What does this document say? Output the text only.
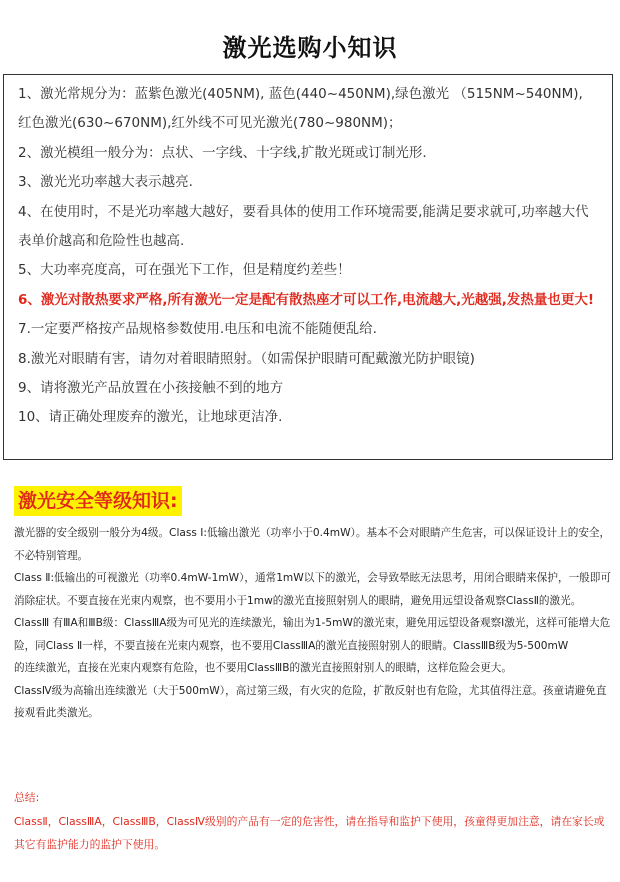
激光选购小知识
1、激光常规分为：蓝紫色激光(405NM), 蓝色(440~450NM),绿色激光 （515NM~540NM), 红色激光(630~670NM),红外线不可见光激光(780~980NM)；
2、激光模组一般分为：点状、一字线、十字线,扩散光斑或订制光形.
3、激光光功率越大表示越亮.
4、在使用时，不是光功率越大越好，要看具体的使用工作环境需要,能满足要求就可,功率越大代表单价越高和危险性也越高.
5、大功率亮度高，可在强光下工作，但是精度约差些！
6、激光对散热要求严格,所有激光一定是配有散热座才可以工作,电流越大,光越强,发热量也更大!
7.一定要严格按产品规格参数使用.电压和电流不能随便乱给.
8.激光对眼睛有害，请勿对着眼睛照射。（如需保护眼睛可配戴激光防护眼镜)
9、请将激光产品放置在小孩接触不到的地方
10、请正确处理废弃的激光，让地球更洁净.
激光安全等级知识:
激光器的安全级别一般分为4级。Class Ⅰ:低输出激光（功率小于0.4mW）。基本不会对眼睛产生危害，可以保证设计上的安全，不必特别管理。
Class Ⅱ:低输出的可视激光（功率0.4mW-1mW），通常1mW以下的激光，会导致晕眩无法思考，用闭合眼睛来保护，一般即可消除症状。不要直接在光束内观察，也不要用小于1mw的激光直接照射别人的眼睛，避免用远望设备观察ClassⅡ的激光。
ClassⅢ 有ⅢA和ⅢB级：ClassⅢA级为可见光的连续激光，输出为1-5mW的激光束，避免用远望设备观察Ⅰ激光，这样可能增大危险，同Class Ⅱ一样，不要直接在光束内观察，也不要用ClassⅢA的激光直接照射别人的眼睛。ClassⅢB级为5-500mW
的连续激光，直接在光束内观察有危险，也不要用ClassⅢB的激光直接照射别人的眼睛，这样危险会更大。
ClassⅣ级为高输出连续激光（大于500mW），高过第三级，有火灾的危险，扩散反射也有危险，尤其值得注意。孩童请避免直接观看此类激光。
总结:
ClassⅡ，ClassⅢA，ClassⅢB，ClassⅣ级别的产品有一定的危害性，请在指导和监护下使用，孩童得更加注意，请在家长或其它有监护能力的监护下使用。
